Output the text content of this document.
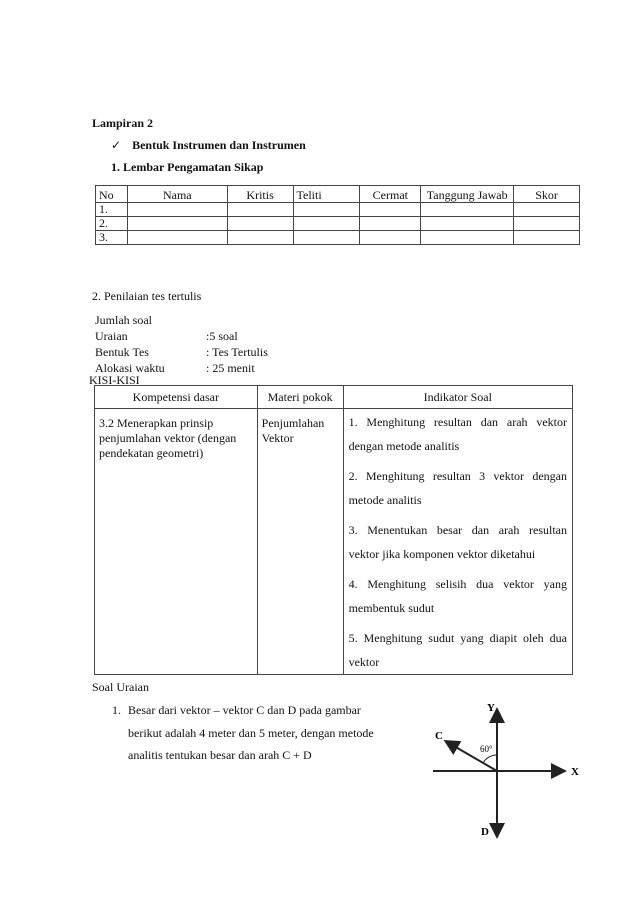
Lampiran 2
✓ Bentuk Instrumen dan Instrumen
1. Lembar Pengamatan Sikap
No	Nama	Kritis	Teliti	Cermat	Tanggung Jawab	Skor
1.						
2.						
3.						
2. Penilaian tes tertulis
Jumlah soal
Uraian	:5 soal
Bentuk Tes	: Tes Tertulis
Alokasi waktu	: 25 menit
KISI-KISI
Kompetensi dasar	Materi pokok	Indikator Soal
3.2 Menerapkan prinsip penjumlahan vektor (dengan pendekatan geometri)	Penjumlahan Vektor	1. Menghitung resultan dan arah vektor dengan metode analitis

2. Menghitung resultan 3 vektor dengan metode analitis

3. Menentukan besar dan arah resultan vektor jika komponen vektor diketahui

4. Menghitung selisih dua vektor yang membentuk sudut

5. Menghitung sudut yang diapit oleh dua vektor

Soal Uraian
1. Besar dari vektor – vektor C dan D pada gambar
berikut adalah 4 meter dan 5 meter, dengan metode
analitis tentukan besar dan arah C + D
Y
X
C
D
60°
